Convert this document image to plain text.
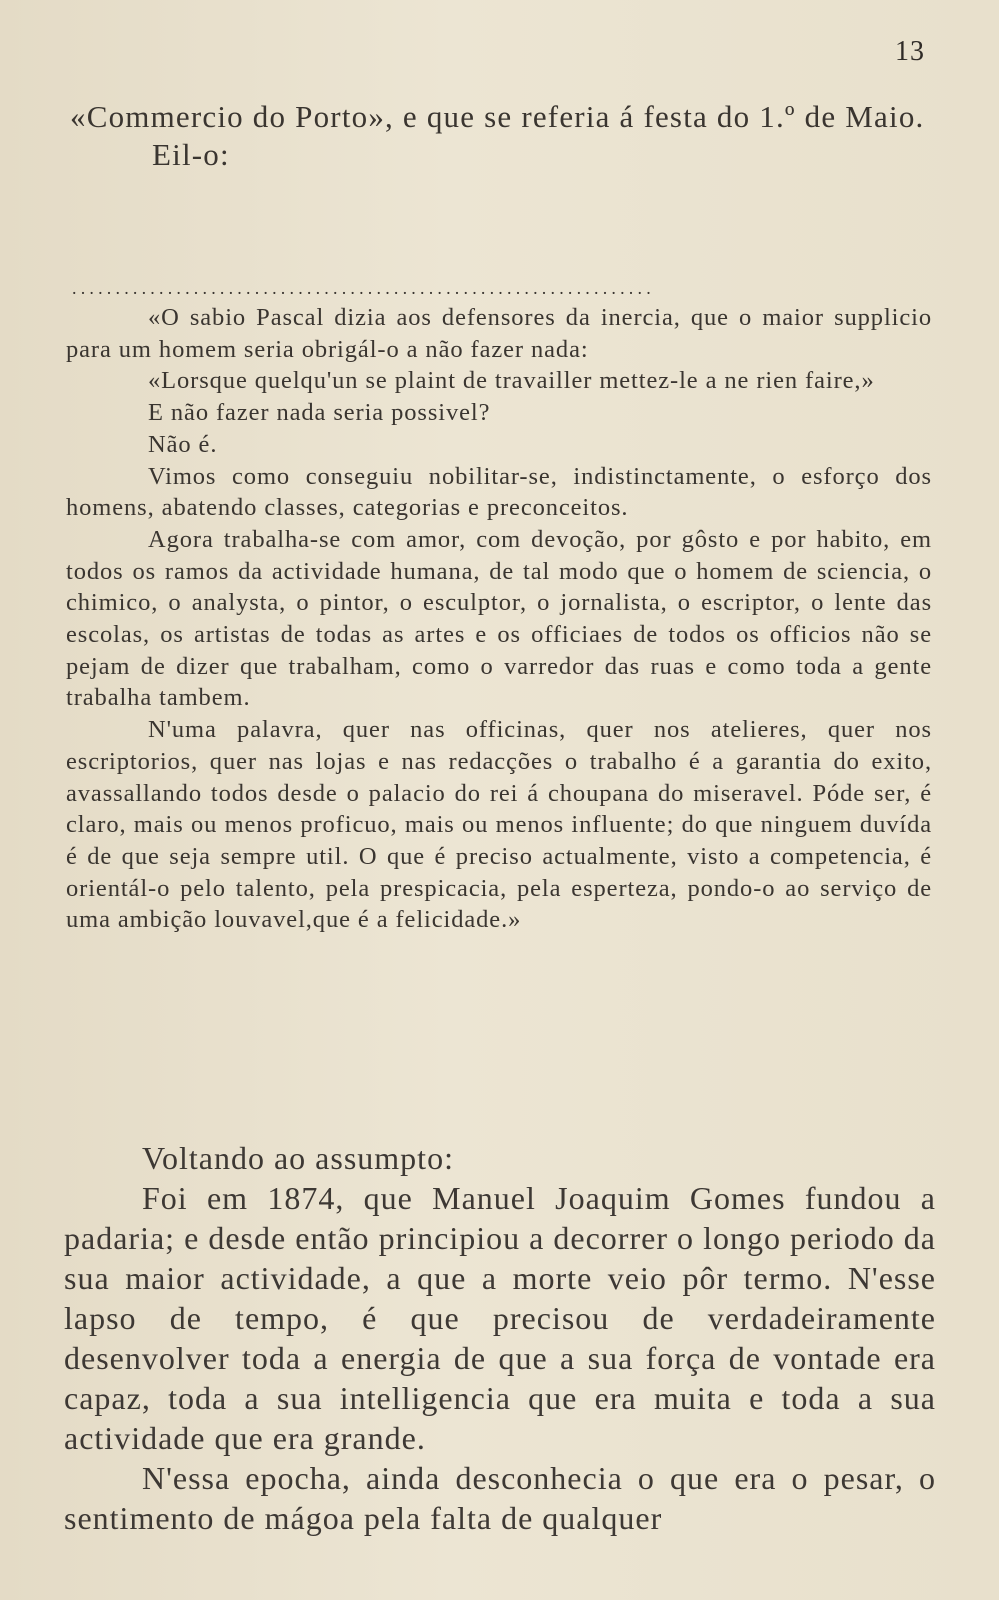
13

«Commercio do Porto», e que se referia á festa do 1.º de Maio.

Eil-o:

...................................................................

«O sabio Pascal dizia aos defensores da inercia, que o maior supplicio para um homem seria obrigál-o a não fazer nada:

«Lorsque quelqu'un se plaint de travailler mettez-le a ne rien faire,»

E não fazer nada seria possivel?

Não é.

Vimos como conseguiu nobilitar-se, indistinctamente, o esforço dos homens, abatendo classes, categorias e preconceitos.

Agora trabalha-se com amor, com devoção, por gôsto e por habito, em todos os ramos da actividade humana, de tal modo que o homem de sciencia, o chimico, o analysta, o pintor, o esculptor, o jornalista, o escriptor, o lente das escolas, os artistas de todas as artes e os officiaes de todos os officios não se pejam de dizer que trabalham, como o varredor das ruas e como toda a gente trabalha tambem.

N'uma palavra, quer nas officinas, quer nos atelieres, quer nos escriptorios, quer nas lojas e nas redacções o trabalho é a garantia do exito, avassallando todos desde o palacio do rei á choupana do miseravel. Póde ser, é claro, mais ou menos proficuo, mais ou menos influente; do que ninguem duvída é de que seja sempre util. O que é preciso actualmente, visto a competencia, é orientál-o pelo talento, pela prespicacia, pela esperteza, pondo-o ao serviço de uma ambição louvavel,que é a felicidade.»

Voltando ao assumpto:

Foi em 1874, que Manuel Joaquim Gomes fundou a padaria; e desde então principiou a decorrer o longo periodo da sua maior actividade, a que a morte veio pôr termo. N'esse lapso de tempo, é que precisou de verdadeiramente desenvolver toda a energia de que a sua força de vontade era capaz, toda a sua intelligencia que era muita e toda a sua actividade que era grande.

N'essa epocha, ainda desconhecia o que era o pesar, o sentimento de mágoa pela falta de qualquer
